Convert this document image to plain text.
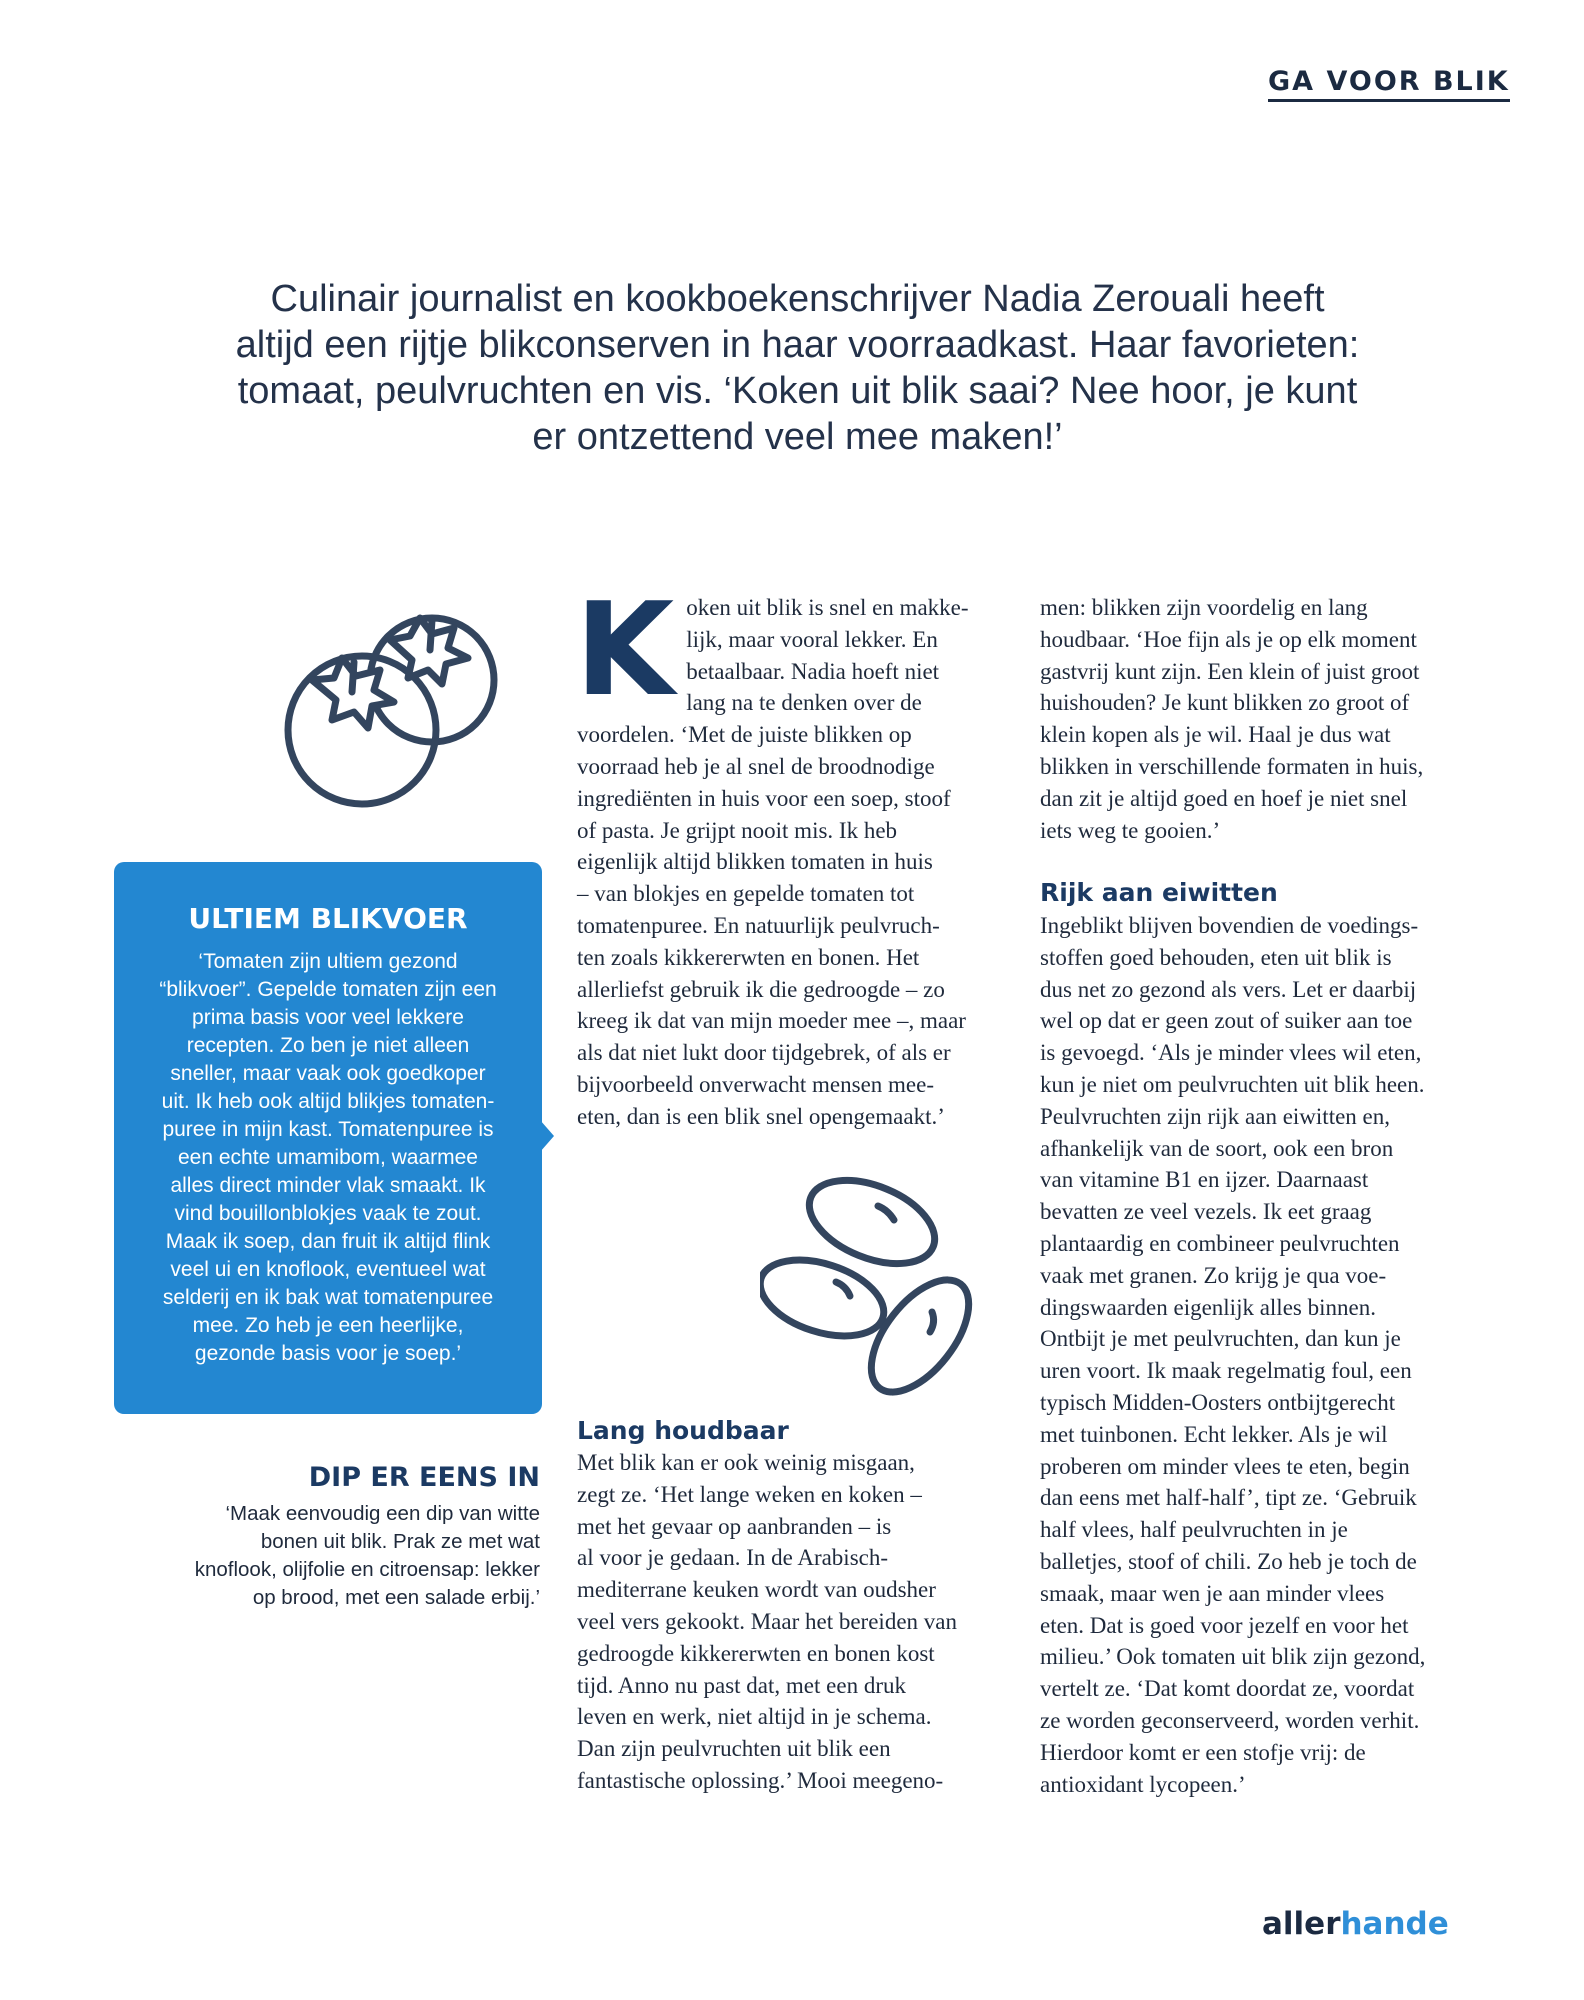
GA VOOR BLIK
Culinair journalist en kookboekenschrijver Nadia Zerouali heeft
altijd een rijtje blikconserven in haar voorraadkast. Haar favorieten:
tomaat, peulvruchten en vis. ‘Koken uit blik saai? Nee hoor, je kunt
er ontzettend veel mee maken!’
ULTIEM BLIKVOER
‘Tomaten zijn ultiem gezond
“blikvoer”. Gepelde tomaten zijn een
prima basis voor veel lekkere
recepten. Zo ben je niet alleen
sneller, maar vaak ook goedkoper
uit. Ik heb ook altijd blikjes tomaten-
puree in mijn kast. Tomatenpuree is
een echte umamibom, waarmee
alles direct minder vlak smaakt. Ik
vind bouillonblokjes vaak te zout.
Maak ik soep, dan fruit ik altijd flink
veel ui en knoflook, eventueel wat
selderij en ik bak wat tomatenpuree
mee. Zo heb je een heerlijke,
gezonde basis voor je soep.’
DIP ER EENS IN
‘Maak eenvoudig een dip van witte
bonen uit blik. Prak ze met wat
knoflook, olijfolie en citroensap: lekker
op brood, met een salade erbij.’
K oken uit blik is snel en makke-

lijk, maar vooral lekker. En

betaalbaar. Nadia hoeft niet

lang na te denken over de

voordelen. ‘Met de juiste blikken op

voorraad heb je al snel de broodnodige

ingrediënten in huis voor een soep, stoof

of pasta. Je grijpt nooit mis. Ik heb

eigenlijk altijd blikken tomaten in huis

– van blokjes en gepelde tomaten tot

tomatenpuree. En natuurlijk peulvruch-

ten zoals kikkererwten en bonen. Het

allerliefst gebruik ik die gedroogde – zo

kreeg ik dat van mijn moeder mee –, maar

als dat niet lukt door tijdgebrek, of als er

bijvoorbeeld onverwacht mensen mee-

eten, dan is een blik snel opengemaakt.’

Lang houdbaar

Met blik kan er ook weinig misgaan,

zegt ze. ‘Het lange weken en koken –

met het gevaar op aanbranden – is

al voor je gedaan. In de Arabisch-

mediterrane keuken wordt van oudsher

veel vers gekookt. Maar het bereiden van

gedroogde kikkererwten en bonen kost

tijd. Anno nu past dat, met een druk

leven en werk, niet altijd in je schema.

Dan zijn peulvruchten uit blik een

fantastische oplossing.’ Mooi meegeno-

men: blikken zijn voordelig en lang

houdbaar. ‘Hoe fijn als je op elk moment

gastvrij kunt zijn. Een klein of juist groot

huishouden? Je kunt blikken zo groot of

klein kopen als je wil. Haal je dus wat

blikken in verschillende formaten in huis,

dan zit je altijd goed en hoef je niet snel

iets weg te gooien.’

Rijk aan eiwitten

Ingeblikt blijven bovendien de voedings-

stoffen goed behouden, eten uit blik is

dus net zo gezond als vers. Let er daarbij

wel op dat er geen zout of suiker aan toe

is gevoegd. ‘Als je minder vlees wil eten,

kun je niet om peulvruchten uit blik heen.

Peulvruchten zijn rijk aan eiwitten en,

afhankelijk van de soort, ook een bron

van vitamine B1 en ijzer. Daarnaast

bevatten ze veel vezels. Ik eet graag

plantaardig en combineer peulvruchten

vaak met granen. Zo krijg je qua voe-

dingswaarden eigenlijk alles binnen.

Ontbijt je met peulvruchten, dan kun je

uren voort. Ik maak regelmatig foul, een

typisch Midden-Oosters ontbijtgerecht

met tuinbonen. Echt lekker. Als je wil

proberen om minder vlees te eten, begin

dan eens met half-half’, tipt ze. ‘Gebruik

half vlees, half peulvruchten in je

balletjes, stoof of chili. Zo heb je toch de

smaak, maar wen je aan minder vlees

eten. Dat is goed voor jezelf en voor het

milieu.’ Ook tomaten uit blik zijn gezond,

vertelt ze. ‘Dat komt doordat ze, voordat

ze worden geconserveerd, worden verhit.

Hierdoor komt er een stofje vrij: de

antioxidant lycopeen.’

allerhande
